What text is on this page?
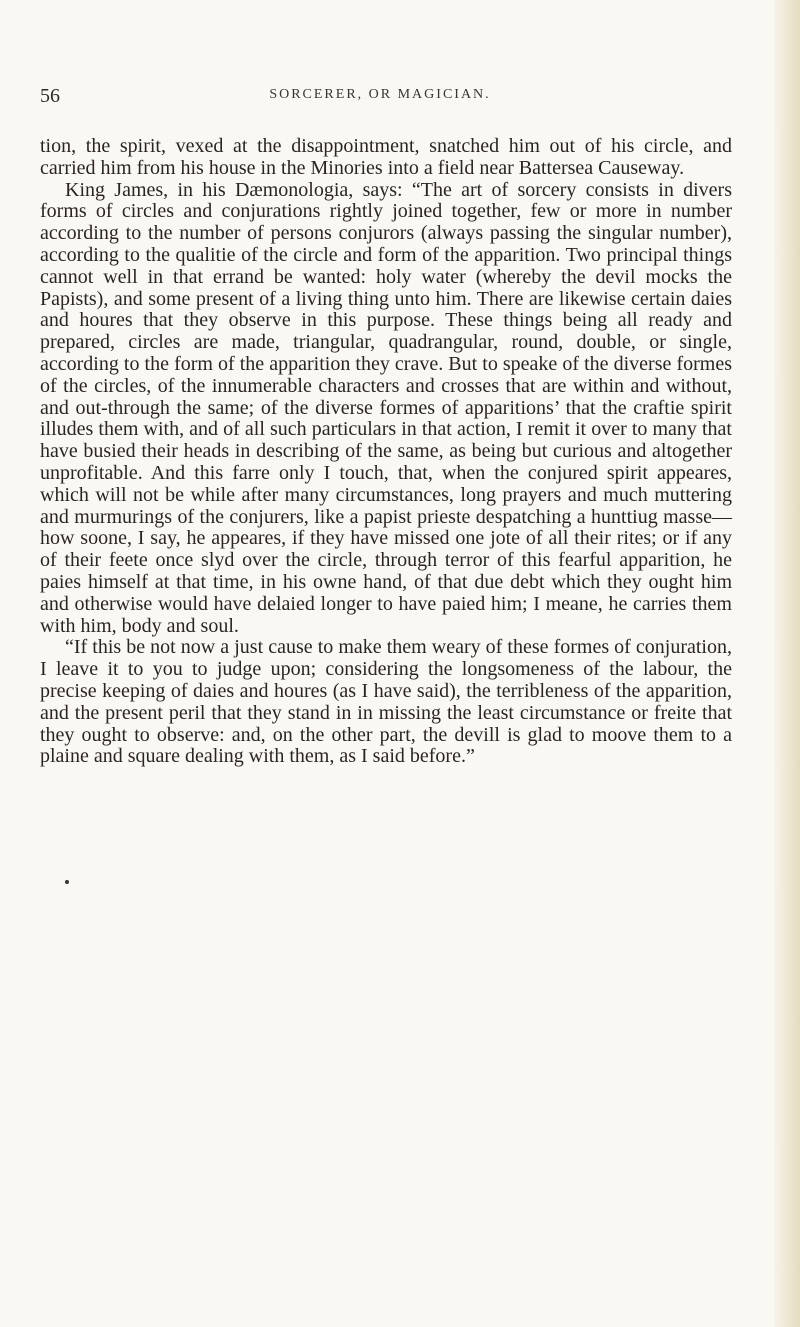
56	SORCERER, OR MAGICIAN.

tion, the spirit, vexed at the disappointment, snatched him out of his circle, and carried him from his house in the Minories into a field near Battersea Causeway.

King James, in his Dæmonologia, says: “The art of sorcery consists in divers forms of circles and conjurations rightly joined together, few or more in number according to the number of persons conjurors (always passing the singular number), according to the qualitie of the circle and form of the apparition. Two principal things cannot well in that errand be wanted: holy water (whereby the devil mocks the Papists), and some present of a living thing unto him. There are likewise certain daies and houres that they observe in this purpose. These things being all ready and prepared, circles are made, triangular, quadrangular, round, double, or single, according to the form of the apparition they crave. But to speake of the diverse formes of the circles, of the innumerable characters and crosses that are within and without, and out-through the same; of the diverse formes of apparitions’ that the craftie spirit illudes them with, and of all such particulars in that action, I remit it over to many that have busied their heads in describing of the same, as being but curious and altogether unprofitable. And this farre only I touch, that, when the conjured spirit appeares, which will not be while after many circumstances, long prayers and much muttering and murmurings of the conjurers, like a papist prieste despatching a hunttiug masse—how soone, I say, he appeares, if they have missed one jote of all their rites; or if any of their feete once slyd over the circle, through terror of this fearful apparition, he paies himself at that time, in his owne hand, of that due debt which they ought him and otherwise would have delaied longer to have paied him; I meane, he carries them with him, body and soul.

“If this be not now a just cause to make them weary of these formes of conjuration, I leave it to you to judge upon; considering the longsomeness of the labour, the precise keeping of daies and houres (as I have said), the terribleness of the apparition, and the present peril that they stand in in missing the least circumstance or freite that they ought to observe: and, on the other part, the devill is glad to moove them to a plaine and square dealing with them, as I said before.”
